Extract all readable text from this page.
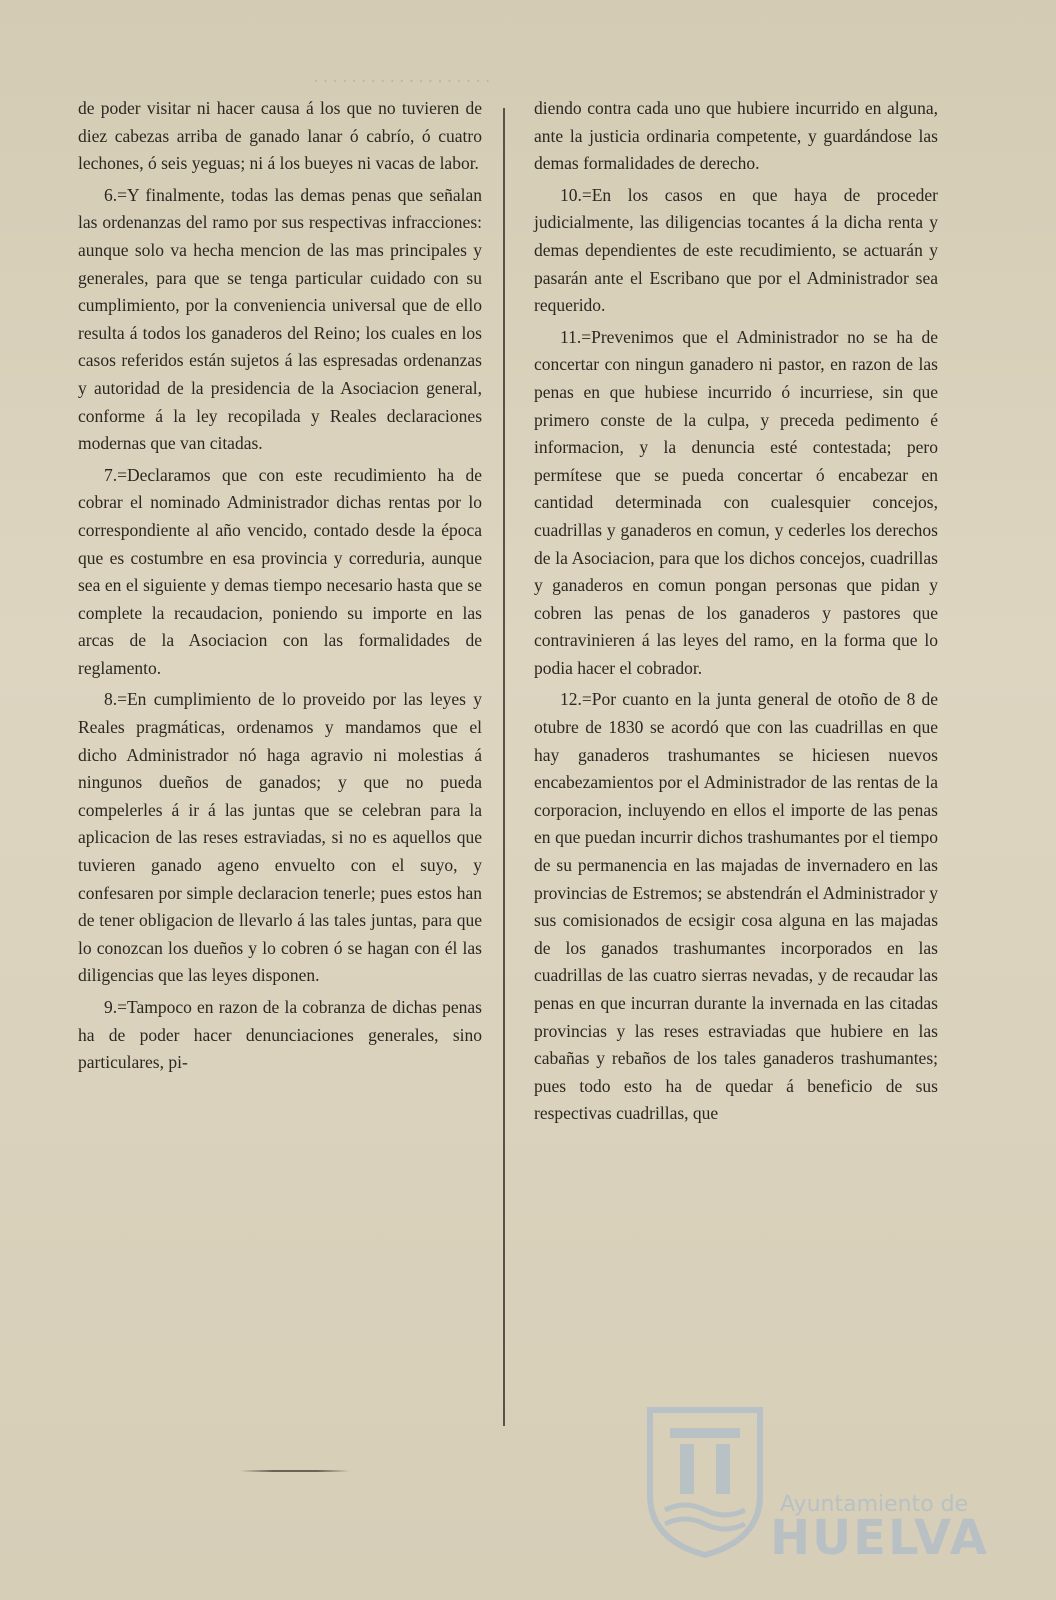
· · · · · · · · · · · · · · · · · · ·

de poder visitar ni hacer causa á los que no tuvieren de diez cabezas arriba de ganado lanar ó cabrío, ó cuatro lechones, ó seis yeguas; ni á los bueyes ni vacas de labor.

6.=Y finalmente, todas las demas penas que señalan las ordenanzas del ramo por sus respectivas infracciones: aunque solo va hecha mencion de las mas principales y generales, para que se tenga particular cuidado con su cumplimiento, por la conveniencia universal que de ello resulta á todos los ganaderos del Reino; los cuales en los casos referidos están sujetos á las espresadas ordenanzas y autoridad de la presidencia de la Asociacion general, conforme á la ley recopilada y Reales declaraciones modernas que van citadas.

7.=Declaramos que con este recudimiento ha de cobrar el nominado Administrador dichas rentas por lo correspondiente al año vencido, contado desde la época que es costumbre en esa provincia y correduria, aunque sea en el siguiente y demas tiempo necesario hasta que se complete la recaudacion, poniendo su importe en las arcas de la Asociacion con las formalidades de reglamento.

8.=En cumplimiento de lo proveido por las leyes y Reales pragmáticas, ordenamos y mandamos que el dicho Administrador nó haga agravio ni molestias á ningunos dueños de ganados; y que no pueda compelerles á ir á las juntas que se celebran para la aplicacion de las reses estraviadas, si no es aquellos que tuvieren ganado ageno envuelto con el suyo, y confesaren por simple declaracion tenerle; pues estos han de tener obligacion de llevarlo á las tales juntas, para que lo conozcan los dueños y lo cobren ó se hagan con él las diligencias que las leyes disponen.

9.=Tampoco en razon de la cobranza de dichas penas ha de poder hacer denunciaciones generales, sino particulares, pi-

diendo contra cada uno que hubiere incurrido en alguna, ante la justicia ordinaria competente, y guardándose las demas formalidades de derecho.

10.=En los casos en que haya de proceder judicialmente, las diligencias tocantes á la dicha renta y demas dependientes de este recudimiento, se actuarán y pasarán ante el Escribano que por el Administrador sea requerido.

11.=Prevenimos que el Administrador no se ha de concertar con ningun ganadero ni pastor, en razon de las penas en que hubiese incurrido ó incurriese, sin que primero conste de la culpa, y preceda pedimento é informacion, y la denuncia esté contestada; pero permítese que se pueda concertar ó encabezar en cantidad determinada con cualesquier concejos, cuadrillas y ganaderos en comun, y cederles los derechos de la Asociacion, para que los dichos concejos, cuadrillas y ganaderos en comun pongan personas que pidan y cobren las penas de los ganaderos y pastores que contravinieren á las leyes del ramo, en la forma que lo podia hacer el cobrador.

12.=Por cuanto en la junta general de otoño de 8 de otubre de 1830 se acordó que con las cuadrillas en que hay ganaderos trashumantes se hiciesen nuevos encabezamientos por el Administrador de las rentas de la corporacion, incluyendo en ellos el importe de las penas en que puedan incurrir dichos trashumantes por el tiempo de su permanencia en las majadas de invernadero en las provincias de Estremos; se abstendrán el Administrador y sus comisionados de ecsigir cosa alguna en las majadas de los ganados trashumantes incorporados en las cuadrillas de las cuatro sierras nevadas, y de recaudar las penas en que incurran durante la invernada en las citadas provincias y las reses estraviadas que hubiere en las cabañas y rebaños de los tales ganaderos trashumantes; pues todo esto ha de quedar á beneficio de sus respectivas cuadrillas, que

Ayuntamiento de
HUELVA
